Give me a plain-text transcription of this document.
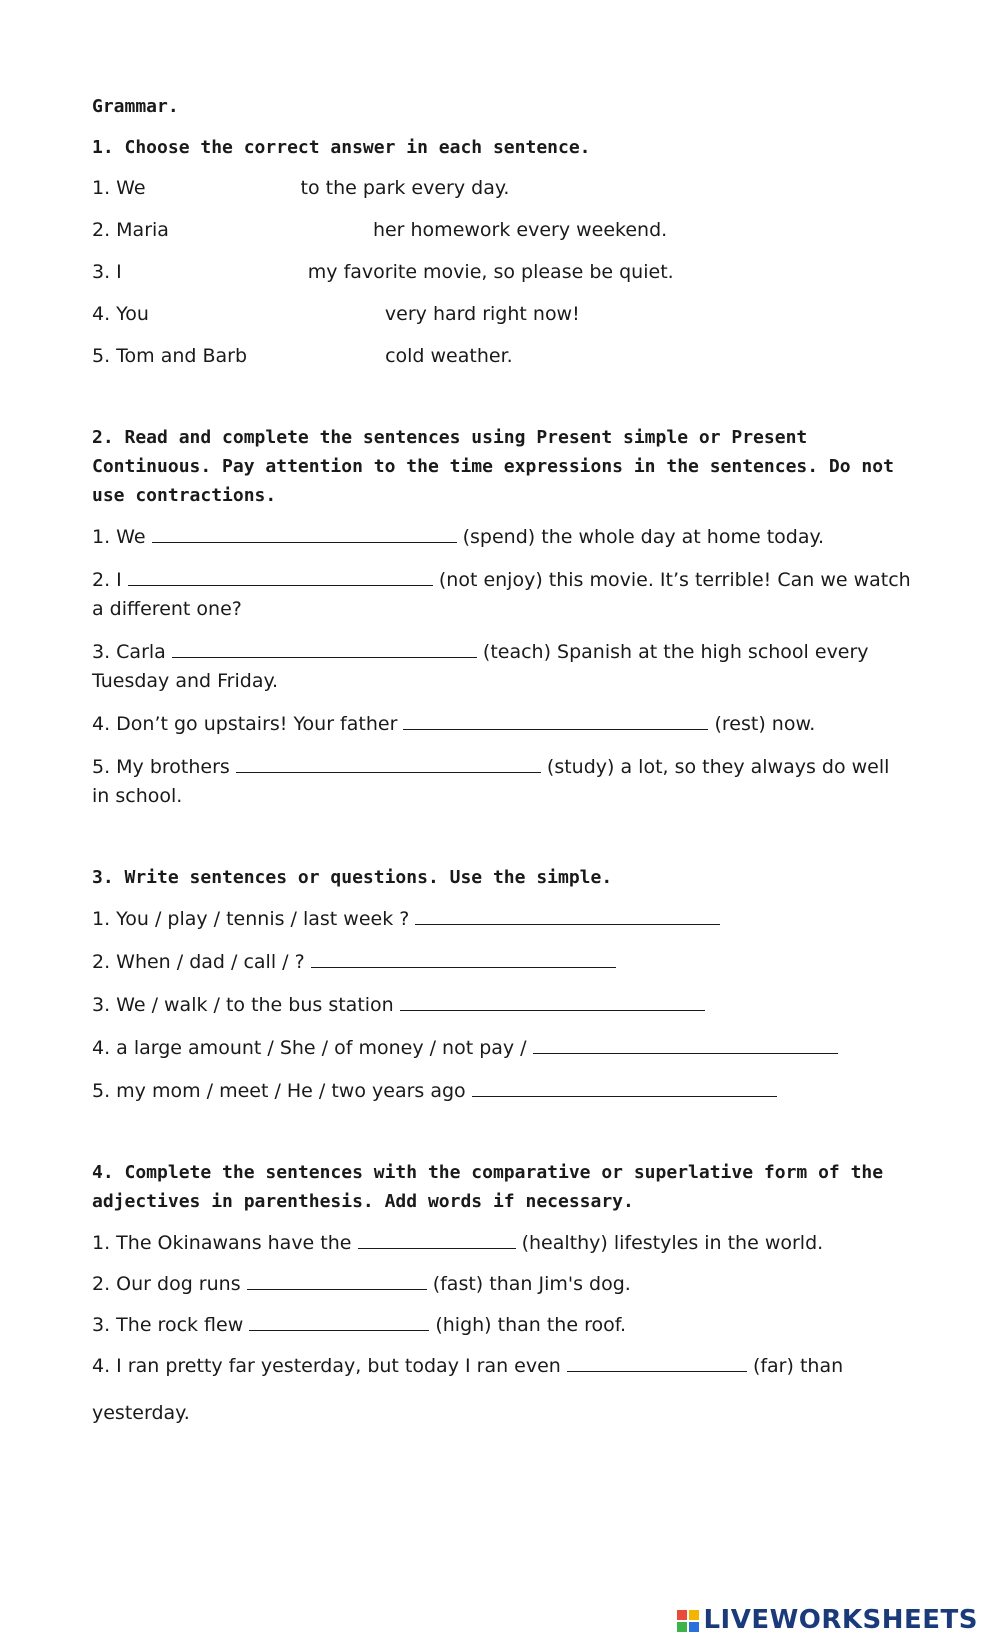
Grammar.
1. Choose the correct answer in each sentence.
1. We	to the park every day.
2. Maria	her homework every weekend.
3. I	my favorite movie, so please be quiet.
4. You	very hard right now!
5. Tom and Barb	cold weather.
2. Read and complete the sentences using Present simple or Present Continuous. Pay attention to the time expressions in the sentences. Do not use contractions.
1. We	(spend) the whole day at home today.
2. I	(not enjoy) this movie. It’s terrible! Can we watch a different one?
3. Carla	(teach) Spanish at the high school every Tuesday and Friday.
4. Don’t go upstairs! Your father	(rest) now.
5. My brothers	(study) a lot, so they always do well in school.
3. Write sentences or questions. Use the simple.
1. You / play / tennis / last week ?
2. When / dad / call / ?
3. We / walk / to the bus station
4. a large amount / She / of money / not pay /
5. my mom / meet / He / two years ago
4. Complete the sentences with the comparative or superlative form of the adjectives in parenthesis. Add words if necessary.
1. The Okinawans have the	(healthy) lifestyles in the world.
2. Our dog runs	(fast) than Jim's dog.
3. The rock flew	(high) than the roof.
4. I ran pretty far yesterday, but today I ran even	(far) than
yesterday.
LIVEWORKSHEETS
